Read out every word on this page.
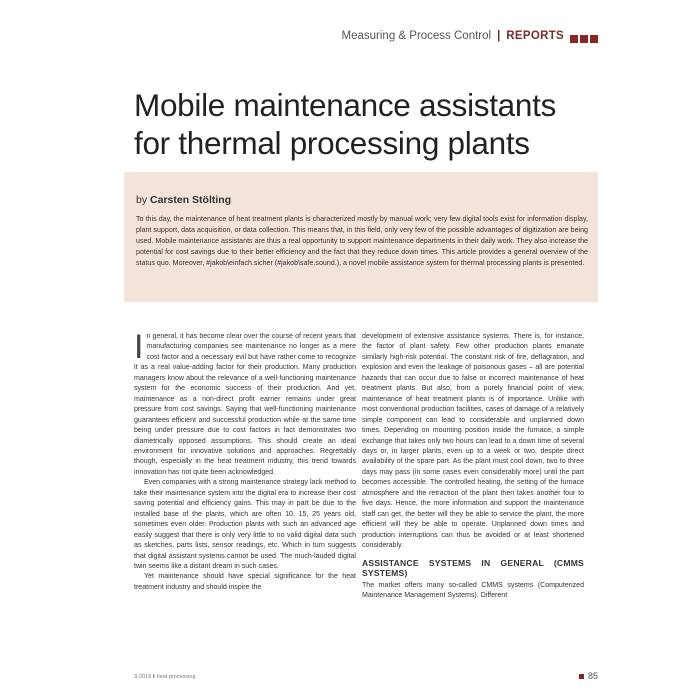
Measuring & Process Control | REPORTS
Mobile maintenance assistants for thermal processing plants
by Carsten Stölting

To this day, the maintenance of heat treatment plants is characterized mostly by manual work; very few digital tools exist for information display, plant support, data acquisition, or data collection. This means that, in this field, only very few of the possible advantages of digitization are being used. Mobile maintenance assistants are thus a real opportunity to support maintenance departments in their daily work. They also increase the potential for cost savings due to their better efficiency and the fact that they reduce down times. This article provides a general overview of the status quo. Moreover, #jakob\einfach.sicher (#jakob\safe.sound.), a novel mobile assistance system for thermal processing plants is presented.

In general, it has become clear over the course of recent years that manufacturing companies see maintenance no longer as a mere cost factor and a necessary evil but have rather come to recognize it as a real value-adding factor for their production. Many production managers know about the relevance of a well-functioning maintenance system for the economic success of their production. And yet, maintenance as a non-direct profit earner remains under great pressure from cost savings. Saying that well-functioning maintenance guarantees efficient and successful production while at the same time being under pressure due to cost factors in fact demonstrates two diametrically opposed assumptions. This should create an ideal environment for innovative solutions and approaches. Regrettably though, especially in the heat treatment industry, this trend towards innovation has not quite been acknowledged.

Even companies with a strong maintenance strategy lack method to take their maintenance system into the digital era to increase their cost saving potential and efficiency gains. This may in part be due to the installed base of the plants, which are often 10, 15, 25 years old, sometimes even older. Production plants with such an advanced age easily suggest that there is only very little to no valid digital data such as sketches, parts lists, sensor readings, etc. Which in turn suggests that digital assistant systems cannot be used. The much-lauded digital twin seems like a distant dream in such cases.

Yet maintenance should have special significance for the heat treatment industry and should inspire the

development of extensive assistance systems. There is, for instance, the factor of plant safety. Few other production plants emanate similarly high-risk potential. The constant risk of fire, deflagration, and explosion and even the leakage of poisonous gases – all are potential hazards that can occur due to false or incorrect maintenance of heat treatment plants. But also, from a purely financial point of view, maintenance of heat treatment plants is of importance. Unlike with most conventional production facilities, cases of damage of a relatively simple component can lead to considerable and unplanned down times. Depending on mounting position inside the furnace, a simple exchange that takes only two hours can lead to a down time of several days or, in larger plants, even up to a week or two, despite direct availability of the spare part. As the plant must cool down, two to three days may pass (in some cases even considerably more) until the part becomes accessible. The controlled heating, the setting of the furnace atmosphere and the retraction of the plant then takes another four to five days. Hence, the more information and support the maintenance staff can get, the better will they be able to service the plant, the more efficient will they be able to operate. Unplanned down times and production interruptions can thus be avoided or at least shortened considerably.

ASSISTANCE SYSTEMS IN GENERAL (CMMS SYSTEMS)

The market offers many so-called CMMS systems (Computerized Maintenance Management Systems). Different

3-2019 I heat processing	85
